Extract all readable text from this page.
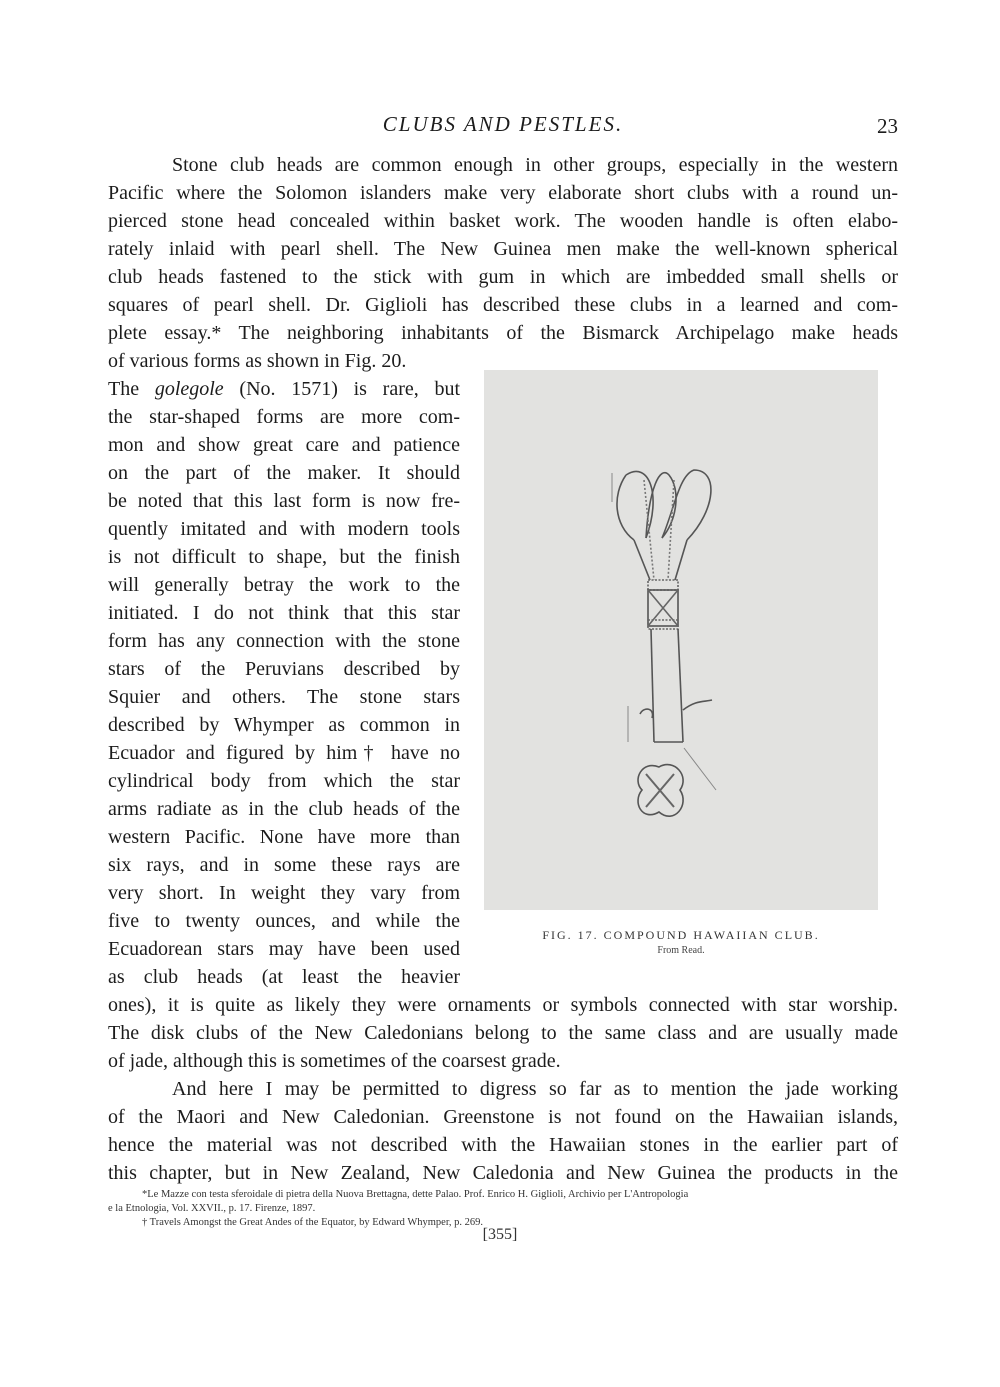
CLUBS AND PESTLES.	23
Stone club heads are common enough in other groups, especially in the western
Pacific where the Solomon islanders make very elaborate short clubs with a round un-
pierced stone head concealed within basket work. The wooden handle is often elabo-
rately inlaid with pearl shell. The New Guinea men make the well-known spherical
club heads fastened to the stick with gum in which are imbedded small shells or
squares of pearl shell. Dr. Giglioli has described these clubs in a learned and com-
plete essay.* The neighboring inhabitants of the Bismarck Archipelago make heads
of various forms as shown in Fig. 20.
The golegole (No. 1571) is rare, but
the star-shaped forms are more com-
mon and show great care and patience
on the part of the maker. It should
be noted that this last form is now fre-
quently imitated and with modern tools
is not difficult to shape, but the finish
will generally betray the work to the
initiated. I do not think that this star
form has any connection with the stone
stars of the Peruvians described by
Squier and others. The stone stars
described by Whymper as common in
Ecuador and figured by him† have no
cylindrical body from which the star
arms radiate as in the club heads of the
western Pacific. None have more than
six rays, and in some these rays are
very short. In weight they vary from
five to twenty ounces, and while the
Ecuadorean stars may have been used
as club heads (at least the heavier
ones), it is quite as likely they were ornaments or symbols connected with star worship.
The disk clubs of the New Caledonians belong to the same class and are usually made
of jade, although this is sometimes of the coarsest grade.
And here I may be permitted to digress so far as to mention the jade working
of the Maori and New Caledonian. Greenstone is not found on the Hawaiian islands,
hence the material was not described with the Hawaiian stones in the earlier part of
this chapter, but in New Zealand, New Caledonia and New Guinea the products in the
FIG. 17. COMPOUND HAWAIIAN CLUB.
From Read.
*Le Mazze con testa sferoidale di pietra della Nuova Brettagna, dette Palao. Prof. Enrico H. Giglioli, Archivio per L'Antropologia
e la Etnologia, Vol. XXVII., p. 17. Firenze, 1897.
† Travels Amongst the Great Andes of the Equator, by Edward Whymper, p. 269.
[355]
